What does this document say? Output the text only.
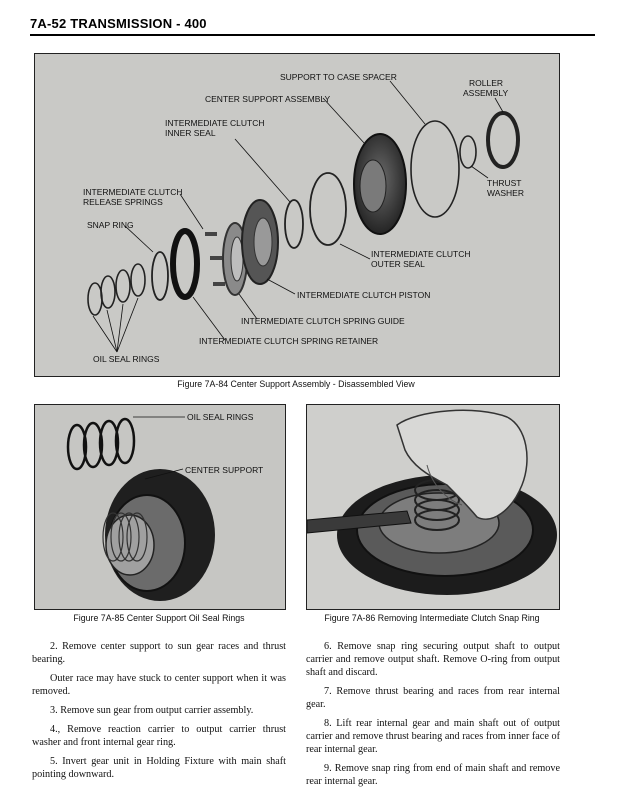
7A-52 TRANSMISSION - 400
SUPPORT TO CASE SPACER
CENTER SUPPORT ASSEMBLY
ROLLER
ASSEMBLY
INTERMEDIATE CLUTCH
INNER SEAL
INTERMEDIATE CLUTCH
RELEASE SPRINGS
THRUST
WASHER
SNAP RING
INTERMEDIATE CLUTCH
OUTER SEAL
INTERMEDIATE CLUTCH PISTON
INTERMEDIATE CLUTCH SPRING GUIDE
INTERMEDIATE CLUTCH SPRING RETAINER
OIL SEAL RINGS
Figure 7A-84 Center Support Assembly - Disassembled View
OIL SEAL RINGS
CENTER SUPPORT
Figure 7A-85 Center Support Oil Seal Rings	Figure 7A-86 Removing Intermediate Clutch Snap Ring

2. Remove center support to sun gear races and thrust bearing.

Outer race may have stuck to center support when it was removed.

3. Remove sun gear from output carrier assembly.

4., Remove reaction carrier to output carrier thrust washer and front internal gear ring.

5. Invert gear unit in Holding Fixture with main shaft pointing downward.

6. Remove snap ring securing output shaft to output carrier and remove output shaft. Remove O-ring from output shaft and discard.

7. Remove thrust bearing and races from rear internal gear.

8. Lift rear internal gear and main shaft out of output carrier and remove thrust bearing and races from inner face of rear internal gear.

9. Remove snap ring from end of main shaft and remove rear internal gear.
